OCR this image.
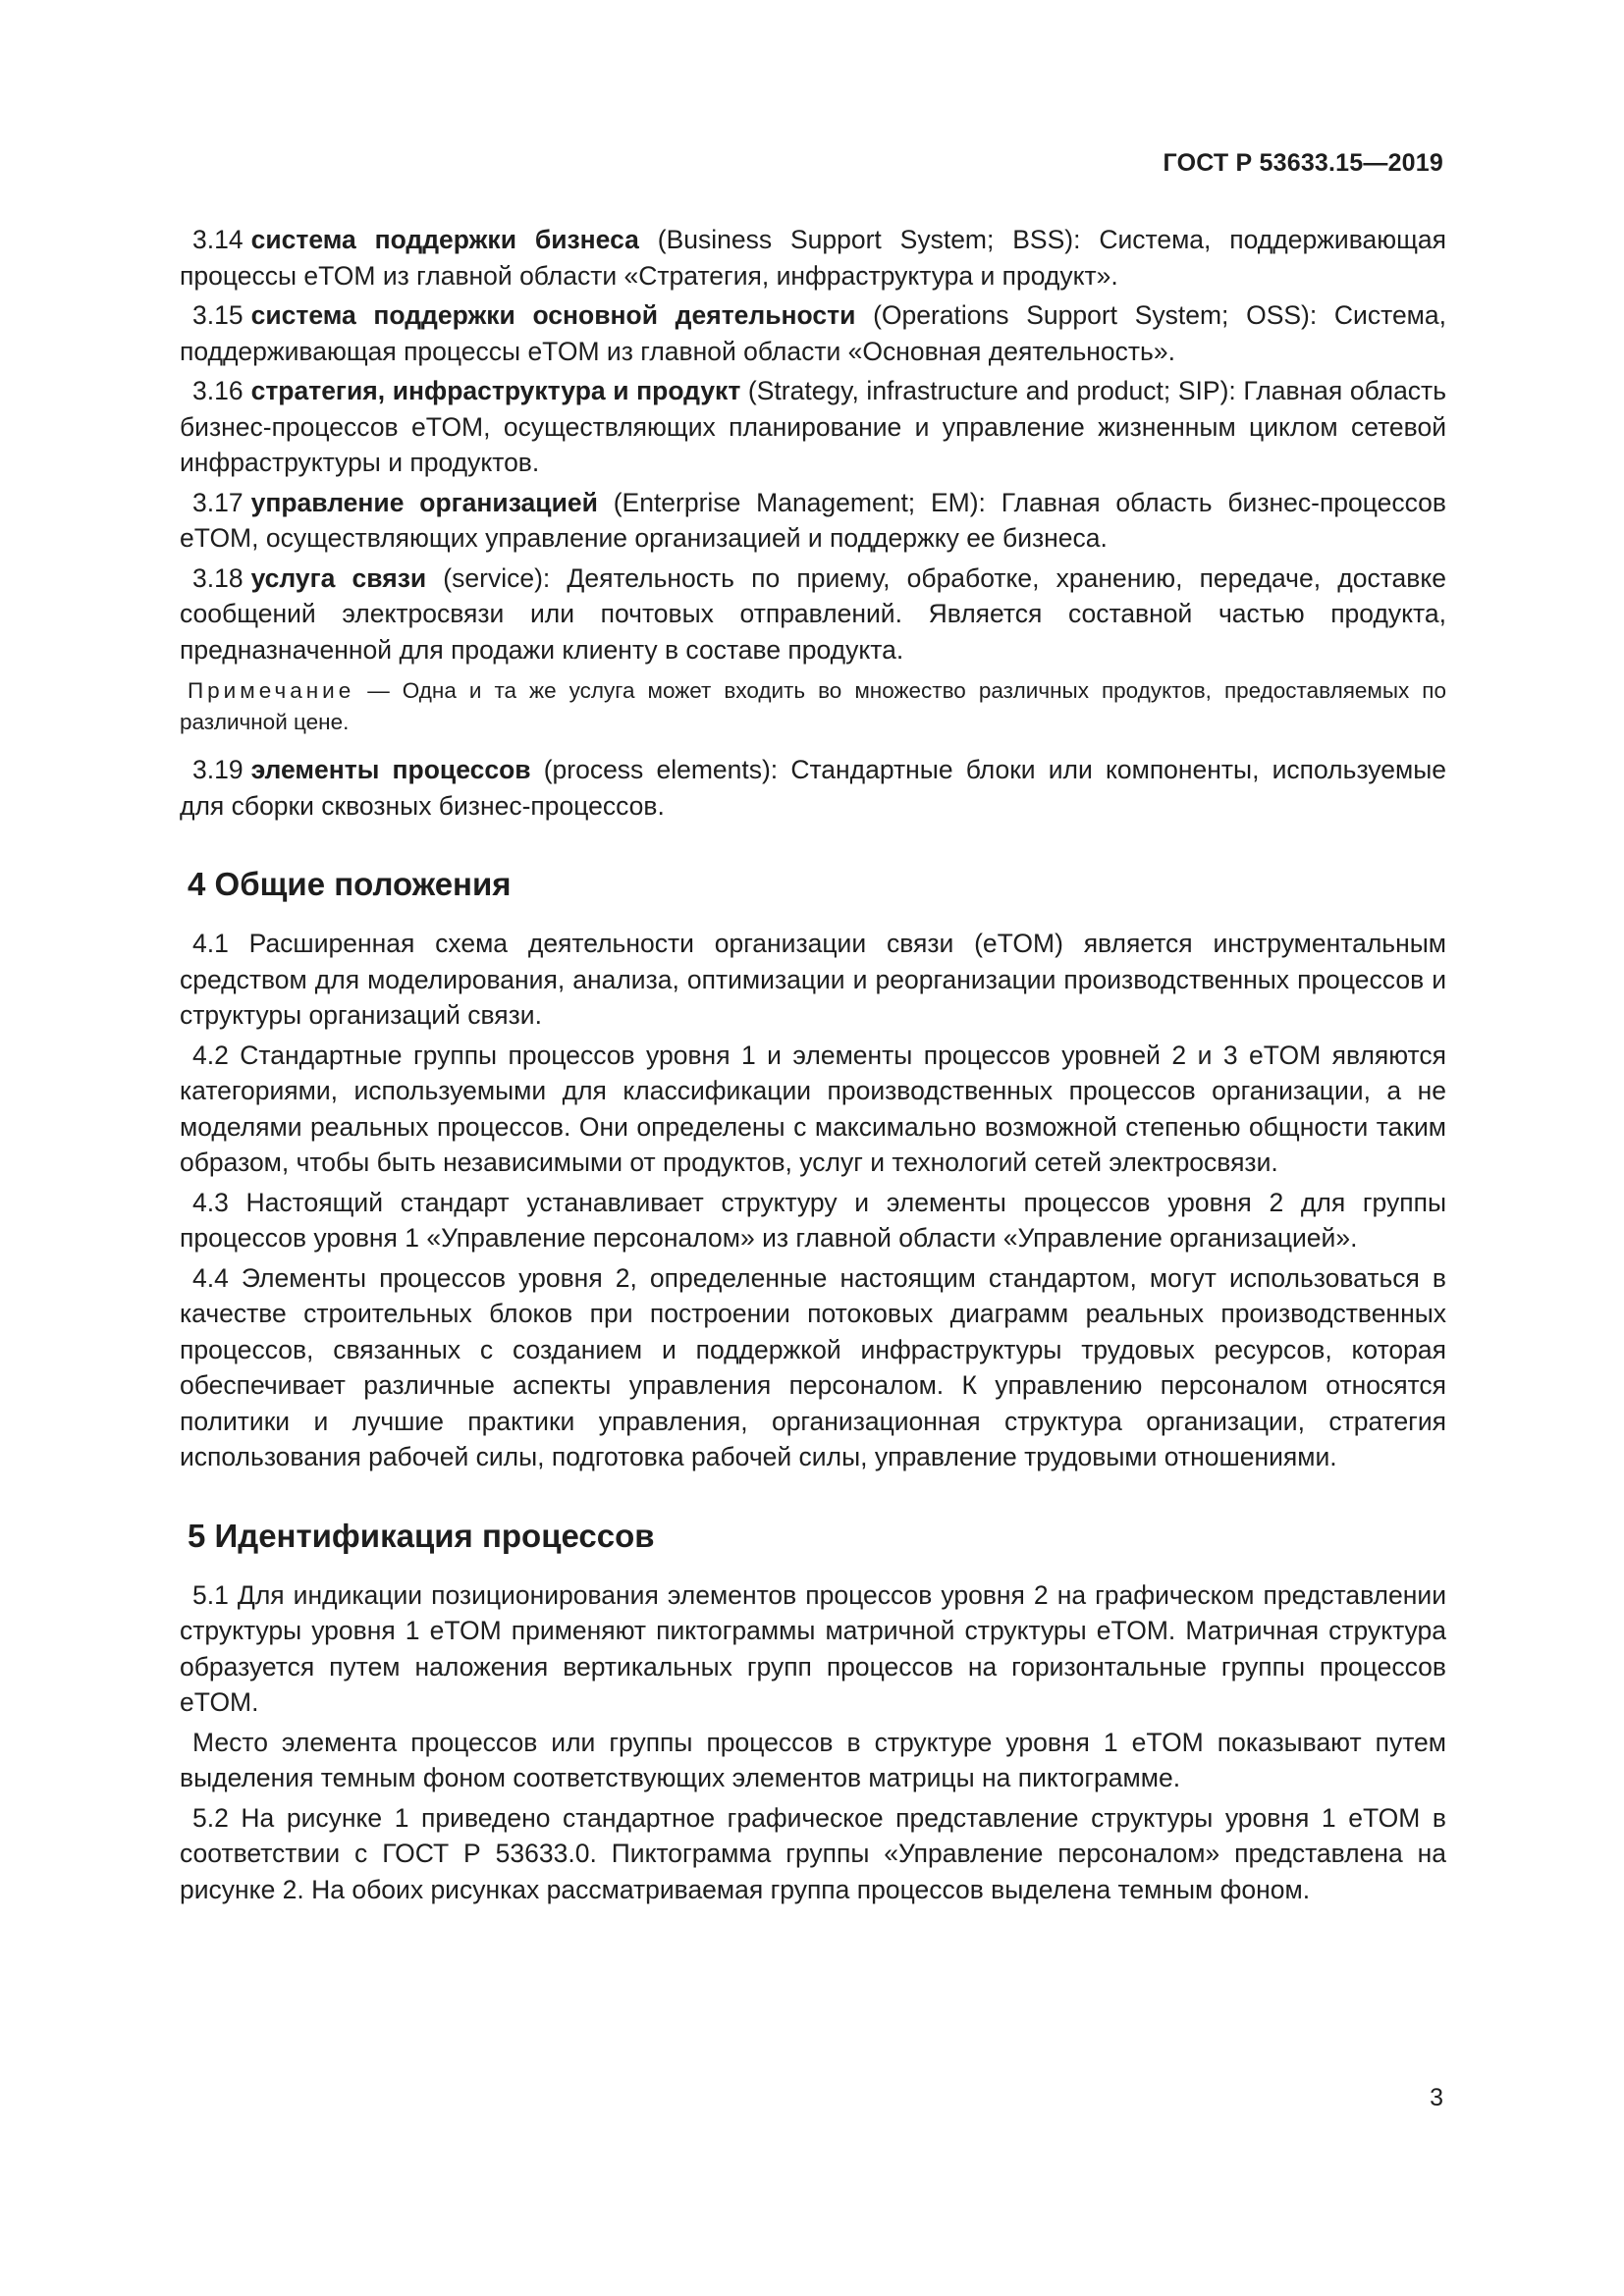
ГОСТ Р 53633.15—2019

3.14 система поддержки бизнеса (Business Support System; BSS): Система, поддерживающая процессы eTOM из главной области «Стратегия, инфраструктура и продукт».

3.15 система поддержки основной деятельности (Operations Support System; OSS): Система, поддерживающая процессы eTOM из главной области «Основная деятельность».

3.16 стратегия, инфраструктура и продукт (Strategy, infrastructure and product; SIP): Главная область бизнес-процессов eTOM, осуществляющих планирование и управление жизненным циклом сетевой инфраструктуры и продуктов.

3.17 управление организацией (Enterprise Management; EM): Главная область бизнес-процессов eTOM, осуществляющих управление организацией и поддержку ее бизнеса.

3.18 услуга связи (service): Деятельность по приему, обработке, хранению, передаче, доставке сообщений электросвязи или почтовых отправлений. Является составной частью продукта, предназначенной для продажи клиенту в составе продукта.

Примечание — Одна и та же услуга может входить во множество различных продуктов, предоставляемых по различной цене.

3.19 элементы процессов (process elements): Стандартные блоки или компоненты, используемые для сборки сквозных бизнес-процессов.

4 Общие положения

4.1 Расширенная схема деятельности организации связи (eTOM) является инструментальным средством для моделирования, анализа, оптимизации и реорганизации производственных процессов и структуры организаций связи.

4.2 Стандартные группы процессов уровня 1 и элементы процессов уровней 2 и 3 eTOM являются категориями, используемыми для классификации производственных процессов организации, а не моделями реальных процессов. Они определены с максимально возможной степенью общности таким образом, чтобы быть независимыми от продуктов, услуг и технологий сетей электросвязи.

4.3 Настоящий стандарт устанавливает структуру и элементы процессов уровня 2 для группы процессов уровня 1 «Управление персоналом» из главной области «Управление организацией».

4.4 Элементы процессов уровня 2, определенные настоящим стандартом, могут использоваться в качестве строительных блоков при построении потоковых диаграмм реальных производственных процессов, связанных с созданием и поддержкой инфраструктуры трудовых ресурсов, которая обеспечивает различные аспекты управления персоналом. К управлению персоналом относятся политики и лучшие практики управления, организационная структура организации, стратегия использования рабочей силы, подготовка рабочей силы, управление трудовыми отношениями.

5 Идентификация процессов

5.1 Для индикации позиционирования элементов процессов уровня 2 на графическом представлении структуры уровня 1 eTOM применяют пиктограммы матричной структуры eTOM. Матричная структура образуется путем наложения вертикальных групп процессов на горизонтальные группы процессов eTOM.

Место элемента процессов или группы процессов в структуре уровня 1 eTOM показывают путем выделения темным фоном соответствующих элементов матрицы на пиктограмме.

5.2 На рисунке 1 приведено стандартное графическое представление структуры уровня 1 eTOM в соответствии с ГОСТ Р 53633.0. Пиктограмма группы «Управление персоналом» представлена на рисунке 2. На обоих рисунках рассматриваемая группа процессов выделена темным фоном.

3
